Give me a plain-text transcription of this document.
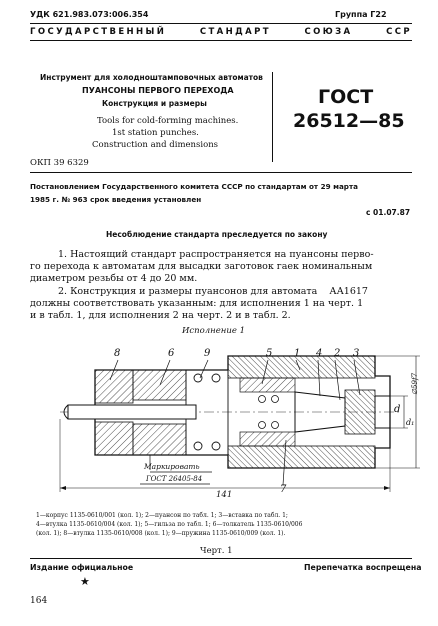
УДК 621.983.073:006.354	Группа Г22
ГОСУДАРСТВЕННЫЙ СТАНДАРТ СОЮЗА ССР
Инструмент для холодноштамповочных автоматов
ПУАНСОНЫ ПЕРВОГО ПЕРЕХОДА
Конструкция и размеры
Tools for cold-forming machines.
1st station punches.
Construction and dimensions
ГОСТ
26512—85
ОКП 39 6329
Постановлением Государственного комитета СССР по стандартам от 29 марта
1985 г. № 963 срок введения установлен
с 01.07.87
Несоблюдение стандарта преследуется по закону
1. Настоящий стандарт распространяется на пуансоны перво-
го перехода к автоматам для высадки заготовок гаек номинальным
диаметром резьбы от 4 до 20 мм.
2. Конструкция и размеры пуансонов для автомата    АА1617
должны соответствовать указанным: для исполнения 1 на черт. 1
и в табл. 1, для исполнения 2 на черт. 2 и в табл. 2.
Исполнение 1
8	6	9	5 1 4 2 3
7
d
d₁
∅59f7
141
Маркировать
ГОСТ 26405-84
1—корпус 1135-0610/001 (кол. 1); 2—пуансон по табл. 1; 3—вставка по табл. 1;
4—втулка 1135-0610/004 (кол. 1); 5—гильза по табл. 1; 6—толкатель 1135-0610/006
(кол. 1); 8—втулка 1135-0610/008 (кол. 1); 9—пружина 1135-0610/009 (кол. 1).
Черт. 1
Издание официальное	Перепечатка воспрещена
★
164
